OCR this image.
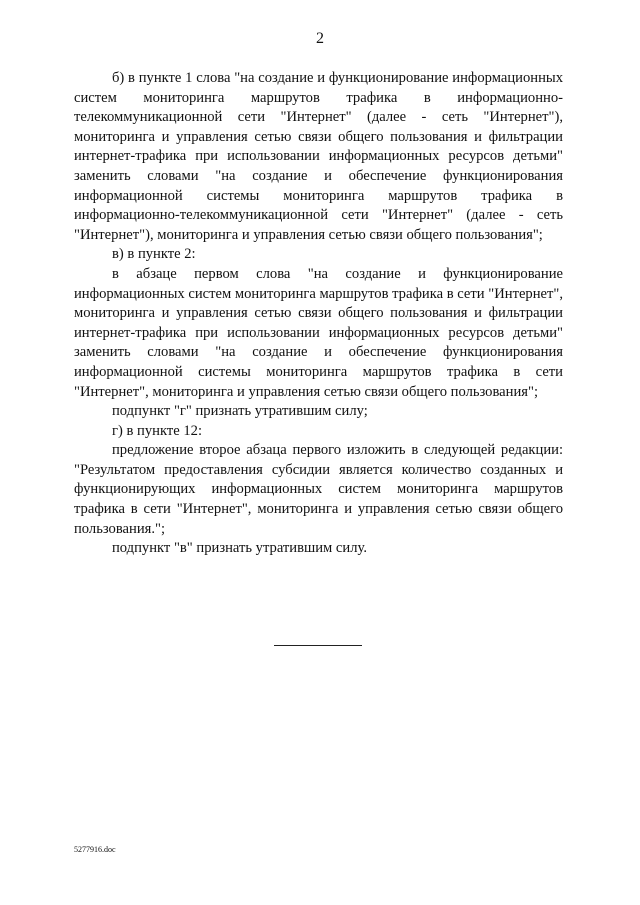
2

б) в пункте 1 слова "на создание и функционирование информационных систем мониторинга маршрутов трафика в информационно-телекоммуникационной сети "Интернет" (далее - сеть "Интернет"), мониторинга и управления сетью связи общего пользования и фильтрации интернет-трафика при использовании информационных ресурсов детьми" заменить словами "на создание и обеспечение функционирования информационной системы мониторинга маршрутов трафика в информационно-телекоммуникационной сети "Интернет" (далее - сеть "Интернет"), мониторинга и управления сетью связи общего пользования";

в) в пункте 2:

в абзаце первом слова "на создание и функционирование информационных систем мониторинга маршрутов трафика в сети "Интернет", мониторинга и управления сетью связи общего пользования и фильтрации интернет-трафика при использовании информационных ресурсов детьми" заменить словами "на создание и обеспечение функционирования информационной системы мониторинга маршрутов трафика в сети "Интернет", мониторинга и управления сетью связи общего пользования";

подпункт "г" признать утратившим силу;

г) в пункте 12:

предложение второе абзаца первого изложить в следующей редакции: "Результатом предоставления субсидии является количество созданных и функционирующих информационных систем мониторинга маршрутов трафика в сети "Интернет", мониторинга и управления сетью связи общего пользования.";

подпункт "в" признать утратившим силу.

5277916.doc
